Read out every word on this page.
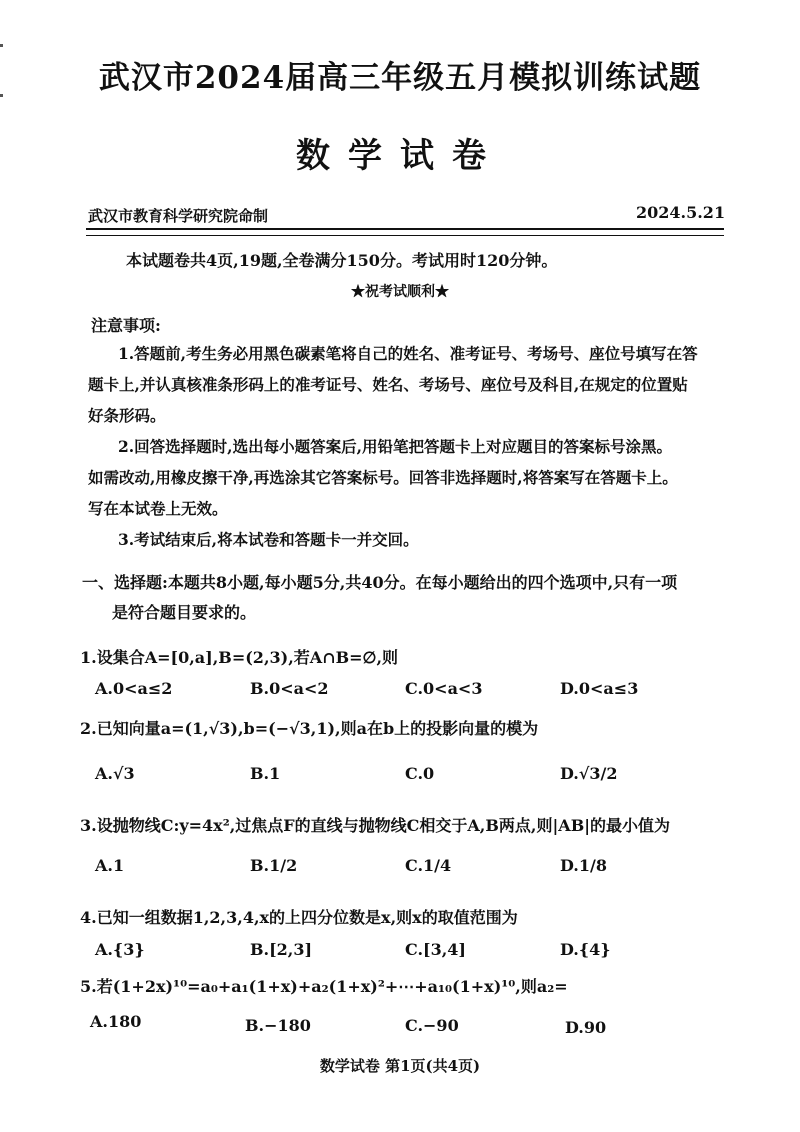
武汉市2024届高三年级五月模拟训练试题
数学试卷
武汉市教育科学研究院命制	2024.5.21
本试题卷共4页,19题,全卷满分150分。考试用时120分钟。
★祝考试顺利★
注意事项:
1.答题前,考生务必用黑色碳素笔将自己的姓名、准考证号、考场号、座位号填写在答
题卡上,并认真核准条形码上的准考证号、姓名、考场号、座位号及科目,在规定的位置贴
好条形码。
2.回答选择题时,选出每小题答案后,用铅笔把答题卡上对应题目的答案标号涂黑。
如需改动,用橡皮擦干净,再选涂其它答案标号。回答非选择题时,将答案写在答题卡上。
写在本试卷上无效。
3.考试结束后,将本试卷和答题卡一并交回。
一、选择题:本题共8小题,每小题5分,共40分。在每小题给出的四个选项中,只有一项
是符合题目要求的。
1.设集合A=[0,a],B=(2,3),若A∩B=∅,则
A.0<a≤2	B.0<a<2	C.0<a<3	D.0<a≤3
2.已知向量a=(1,√3),b=(−√3,1),则a在b上的投影向量的模为
A.√3	B.1	C.0	D.√3/2
3.设抛物线C:y=4x²,过焦点F的直线与抛物线C相交于A,B两点,则|AB|的最小值为
A.1	B.1/2	C.1/4	D.1/8
4.已知一组数据1,2,3,4,x的上四分位数是x,则x的取值范围为
A.{3}	B.[2,3]	C.[3,4]	D.{4}
5.若(1+2x)¹⁰=a₀+a₁(1+x)+a₂(1+x)²+⋯+a₁₀(1+x)¹⁰,则a₂=
A.180	B.−180	C.−90	D.90
数学试卷 第1页(共4页)
